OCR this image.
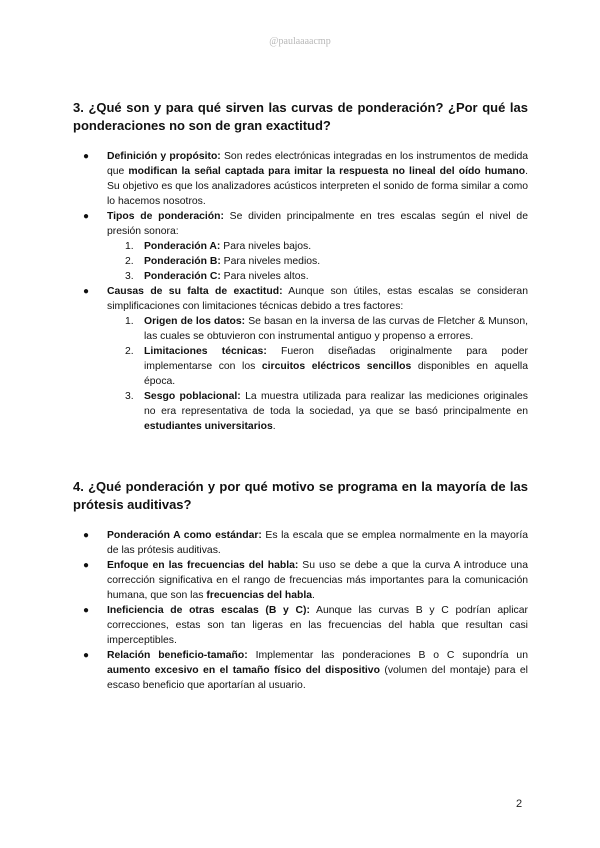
@paulaaaacmp
3. ¿Qué son y para qué sirven las curvas de ponderación? ¿Por qué las ponderaciones no son de gran exactitud?
● Definición y propósito: Son redes electrónicas integradas en los instrumentos de medida que modifican la señal captada para imitar la respuesta no lineal del oído humano. Su objetivo es que los analizadores acústicos interpreten el sonido de forma similar a como lo hacemos nosotros.
● Tipos de ponderación: Se dividen principalmente en tres escalas según el nivel de presión sonora:
1. Ponderación A: Para niveles bajos.
2. Ponderación B: Para niveles medios.
3. Ponderación C: Para niveles altos.
● Causas de su falta de exactitud: Aunque son útiles, estas escalas se consideran simplificaciones con limitaciones técnicas debido a tres factores:
1. Origen de los datos: Se basan en la inversa de las curvas de Fletcher & Munson, las cuales se obtuvieron con instrumental antiguo y propenso a errores.
2. Limitaciones técnicas: Fueron diseñadas originalmente para poder implementarse con los circuitos eléctricos sencillos disponibles en aquella época.
3. Sesgo poblacional: La muestra utilizada para realizar las mediciones originales no era representativa de toda la sociedad, ya que se basó principalmente en estudiantes universitarios.
4. ¿Qué ponderación y por qué motivo se programa en la mayoría de las prótesis auditivas?
● Ponderación A como estándar: Es la escala que se emplea normalmente en la mayoría de las prótesis auditivas.
● Enfoque en las frecuencias del habla: Su uso se debe a que la curva A introduce una corrección significativa en el rango de frecuencias más importantes para la comunicación humana, que son las frecuencias del habla.
● Ineficiencia de otras escalas (B y C): Aunque las curvas B y C podrían aplicar correcciones, estas son tan ligeras en las frecuencias del habla que resultan casi imperceptibles.
● Relación beneficio-tamaño: Implementar las ponderaciones B o C supondría un aumento excesivo en el tamaño físico del dispositivo (volumen del montaje) para el escaso beneficio que aportarían al usuario.
2
